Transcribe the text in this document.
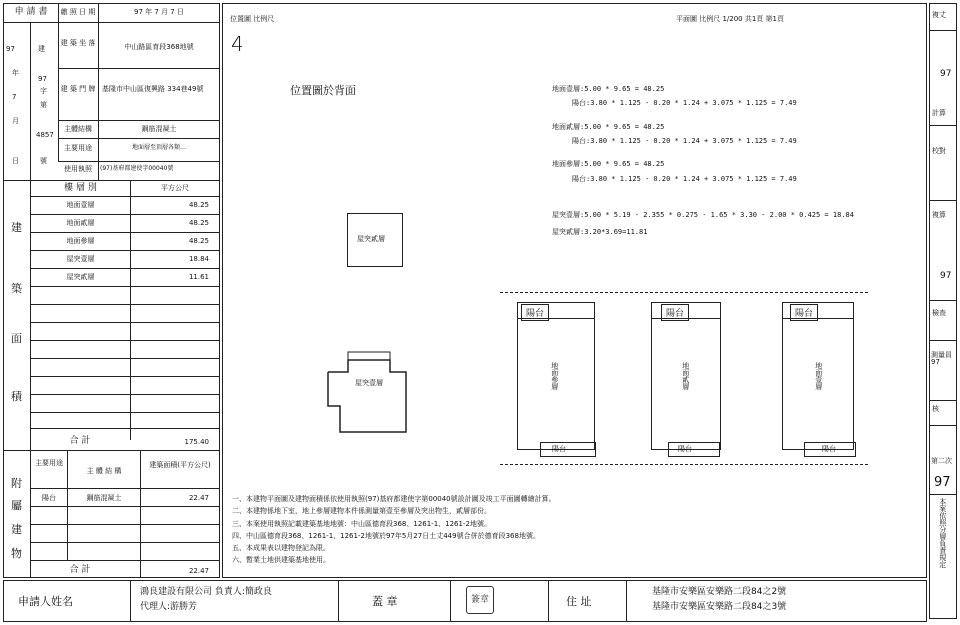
申 請 書	繳 照 日 期	97 年 7 月 7 日
97	建
年
字
7
第
月
4857
日	號
97
建 築 坐 落	中山路區育段368地號
建 築 門 牌 基隆市中山區復興路 334巷49號
主體結構	鋼筋混凝土
主要用途	地面層至頂層各類…
使用執照	(97)基府都建使字00040號
樓 層 別	平方公尺
地面壹層	48.25
地面貳層	48.25
地面參層	48.25
屋突壹層	18.84
屋突貳層	11.61
建
築
面
積
合 計	175.40
主要用途
主 體 結 構
建築面積(平方公尺)
陽台	鋼筋混凝土	22.47
附
屬
建
物
合 計	22.47
位置圖 比例尺
4
平面圖 比例尺 1/200 共1頁 第1頁
位置圖於背面	地面壹層:5.00 * 9.65 = 48.25
陽台:3.80 * 1.125 - 0.20 * 1.24 + 3.075 * 1.125 = 7.49
地面貳層:5.00 * 9.65 = 48.25
陽台:3.80 * 1.125 - 0.20 * 1.24 + 3.075 * 1.125 = 7.49
地面參層:5.00 * 9.65 = 48.25
陽台:3.80 * 1.125 - 0.20 * 1.24 + 3.075 * 1.125 = 7.49
屋突壹層:5.00 * 5.19 - 2.355 * 0.275 - 1.65 * 3.30 - 2.00 * 0.425 = 18.84
屋突貳層:3.20*3.69=11.81
屋突貳層
屋突壹層
陽台
地面參層
陽台
陽台
地面貳層
陽台
陽台
地面壹層
陽台
一、本建物平面圖及建物面積係依使用執照(97)基府都建使字第00040號設計圖及竣工平面圖轉繪計算。
二、本建物係地下室，地上參層建物本件係測量第壹至參層及突出物生，貳層部份。
三、本案使用執照記載建築基地地號：中山區德育段368、1261-1、1261-2地號。
四、中山區德育段368、1261-1、1261-2地號於97年5月27日土丈449號合併於德育段368地號。
五、本成果表以建物登記為限。
六、暫業土地供建築基地使用。
複丈
97
計算
校對
複算
97
檢查
測量員97
核
第二次
97
本案依照分層負責規定
申請人姓名
鴻良建設有限公司 負責人:簡政良
代理人:游勝芳	蓋 章	簽章	住 址
基隆市安樂區安樂路二段84之2號
基隆市安樂區安樂路二段84之3號
